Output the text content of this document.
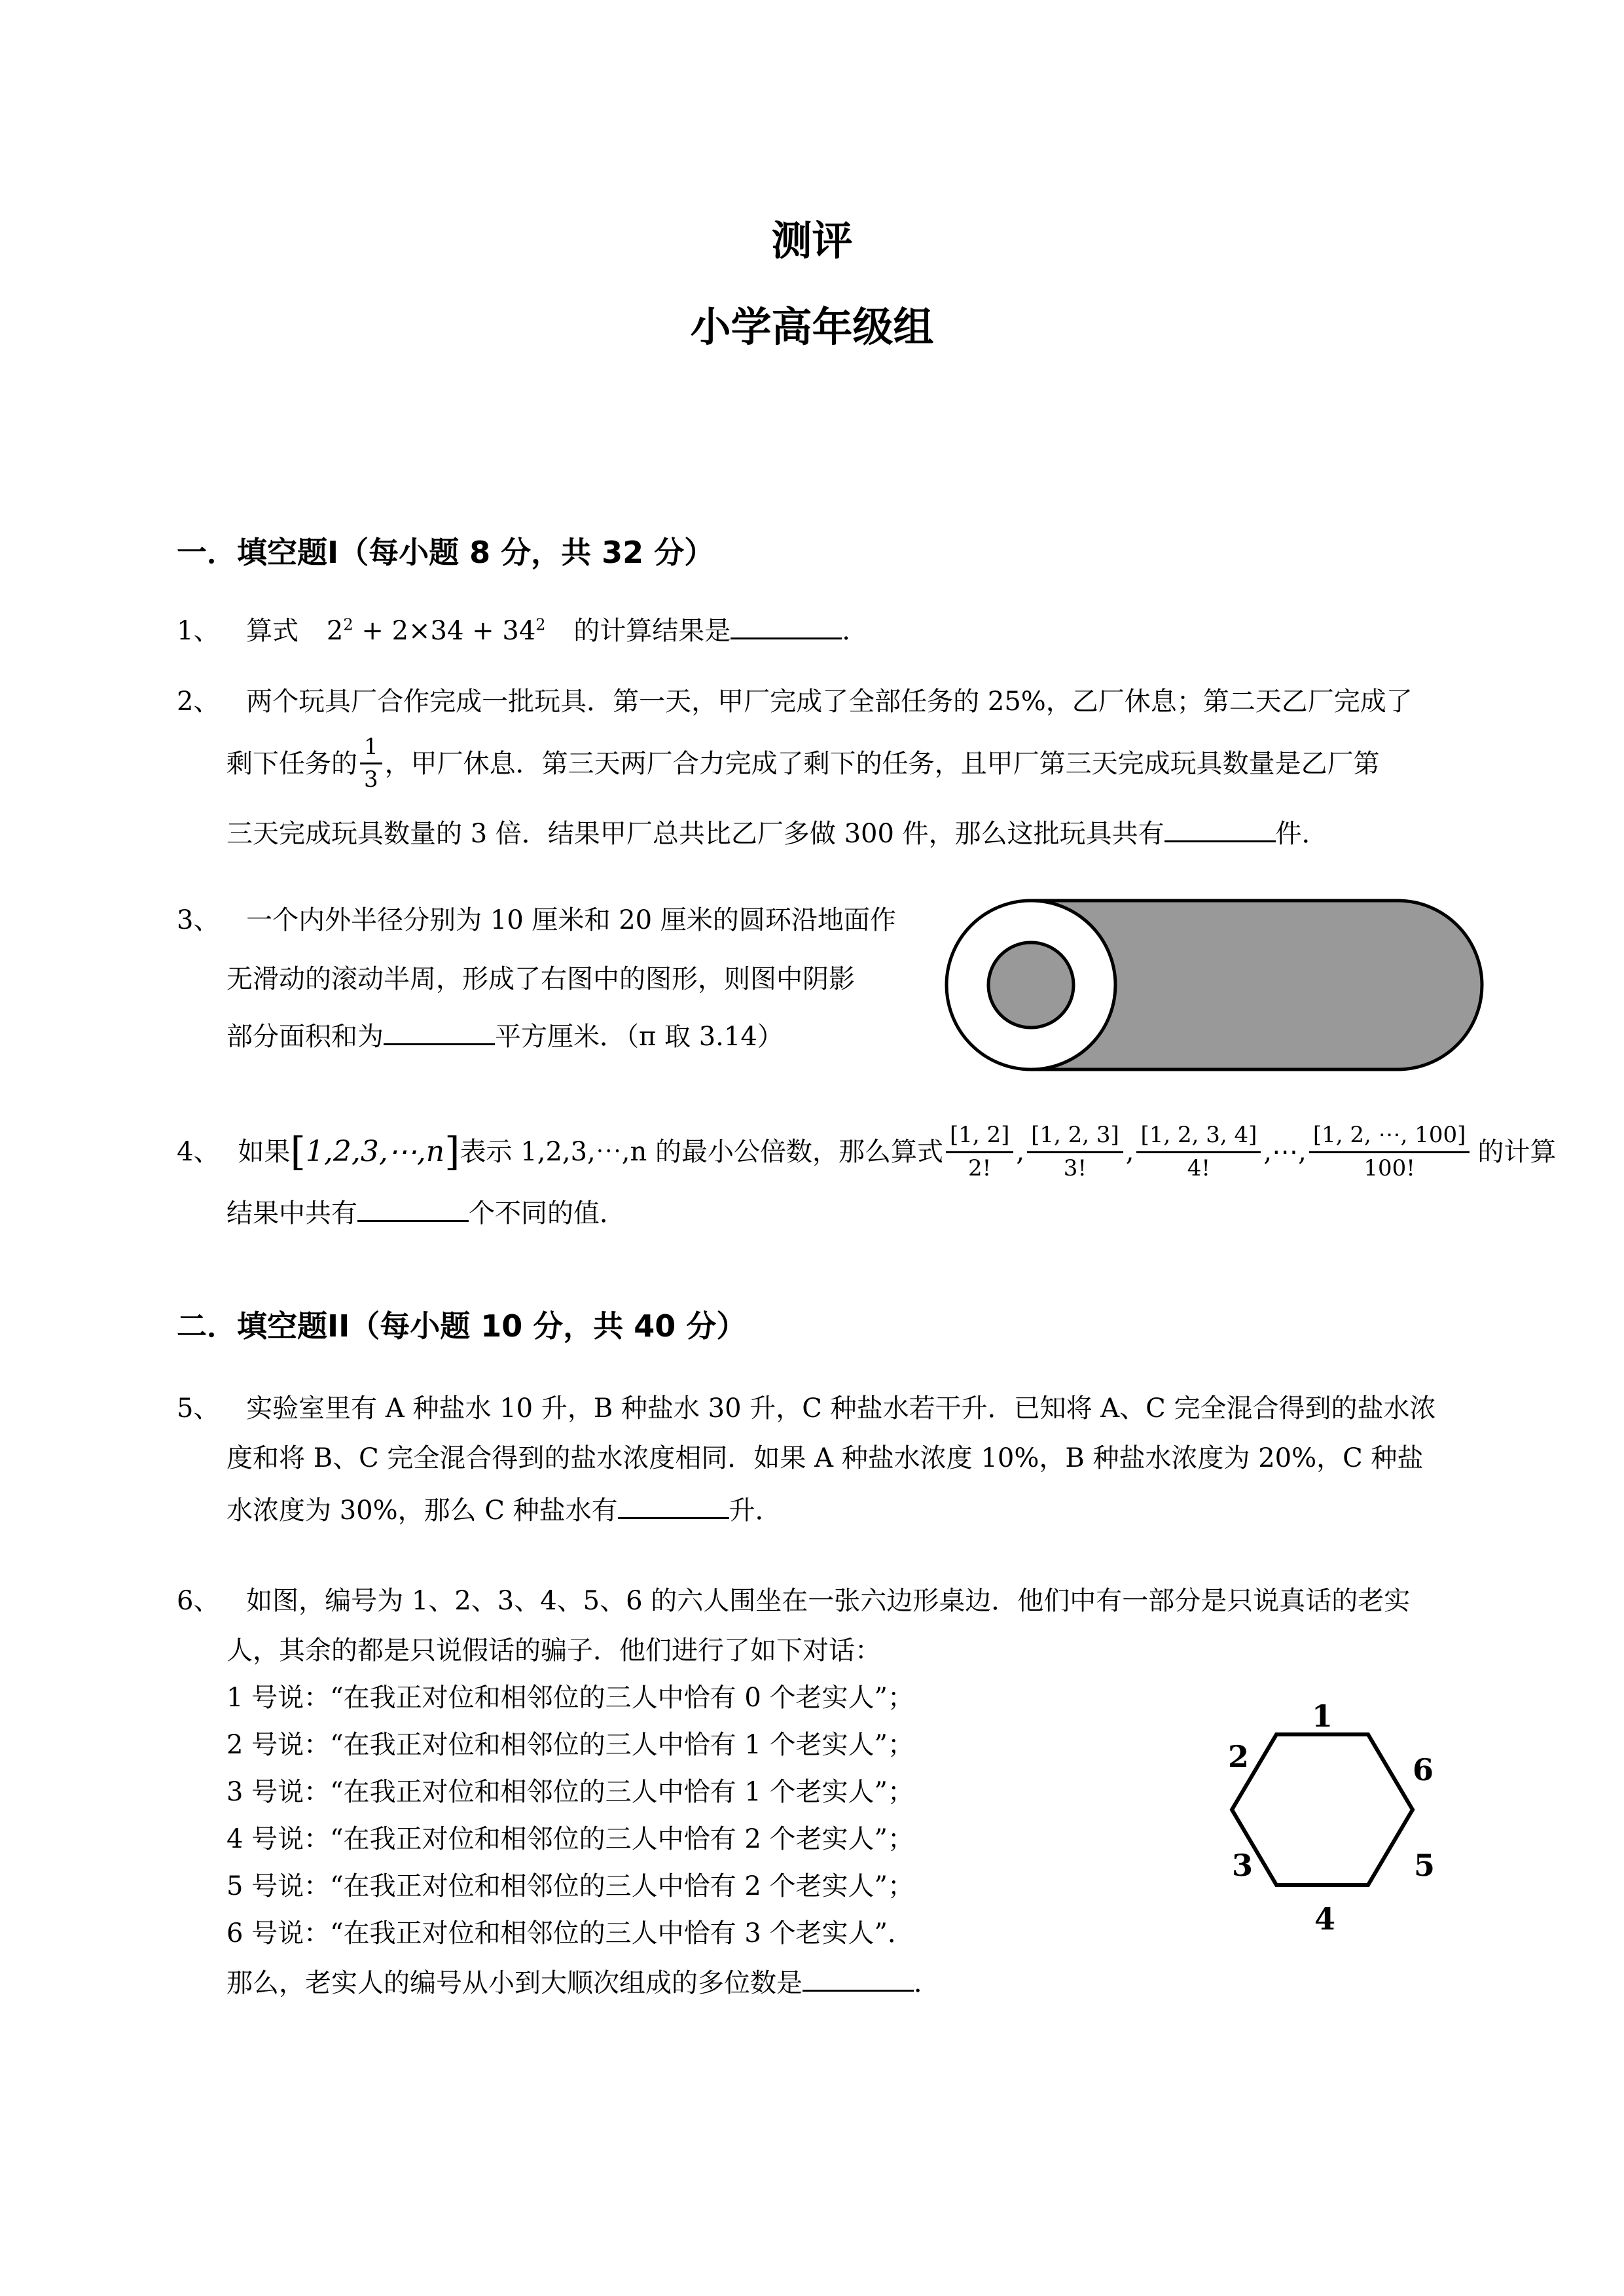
测评
小学高年级组
一．填空题I（每小题 8 分，共 32 分）
1、 算式 $2^2 + 2\times 34 + 34^2$ 的计算结果是	.
2、 两个玩具厂合作完成一批玩具．第一天，甲厂完成了全部任务的 25%，乙厂休息；第二天乙厂完成了
剩下任务的 $\frac{1}{3}$ ，甲厂休息．第三天两厂合力完成了剩下的任务，且甲厂第三天完成玩具数量是乙厂第
三天完成玩具数量的 3 倍．结果甲厂总共比乙厂多做 300 件，那么这批玩具共有	件．
3、 一个内外半径分别为 10 厘米和 20 厘米的圆环沿地面作
无滑动的滚动半周，形成了右图中的图形，则图中阴影
部分面积和为	平方厘米．（π 取 3.14）
4、 如果 [ 1,2,3,⋯,n ] 表示 1,2,3,⋯,n 的最小公倍数，那么算式 $\frac{[1, 2]}{2!}$ , $\frac{[1, 2, 3]}{3!}$ , $\frac{[1, 2, 3, 4]}{4!}$ ,⋯, $\frac{[1, 2, \cdots, 100]}{100!}$ 的计算
结果中共有	个不同的值．
二．填空题II（每小题 10 分，共 40 分）
5、 实验室里有 A 种盐水 10 升，B 种盐水 30 升，C 种盐水若干升．已知将 A、C 完全混合得到的盐水浓
度和将 B、C 完全混合得到的盐水浓度相同．如果 A 种盐水浓度 10%，B 种盐水浓度为 20%，C 种盐
水浓度为 30%，那么 C 种盐水有	升．
6、 如图，编号为 1、2、3、4、5、6 的六人围坐在一张六边形桌边．他们中有一部分是只说真话的老实
人，其余的都是只说假话的骗子．他们进行了如下对话：
1 号说：“在我正对位和相邻位的三人中恰有 0 个老实人”；
2 号说：“在我正对位和相邻位的三人中恰有 1 个老实人”；
3 号说：“在我正对位和相邻位的三人中恰有 1 个老实人”；
4 号说：“在我正对位和相邻位的三人中恰有 2 个老实人”；
5 号说：“在我正对位和相邻位的三人中恰有 2 个老实人”；
6 号说：“在我正对位和相邻位的三人中恰有 3 个老实人”．
那么，老实人的编号从小到大顺次组成的多位数是	．
1
2	6
3	5
4
